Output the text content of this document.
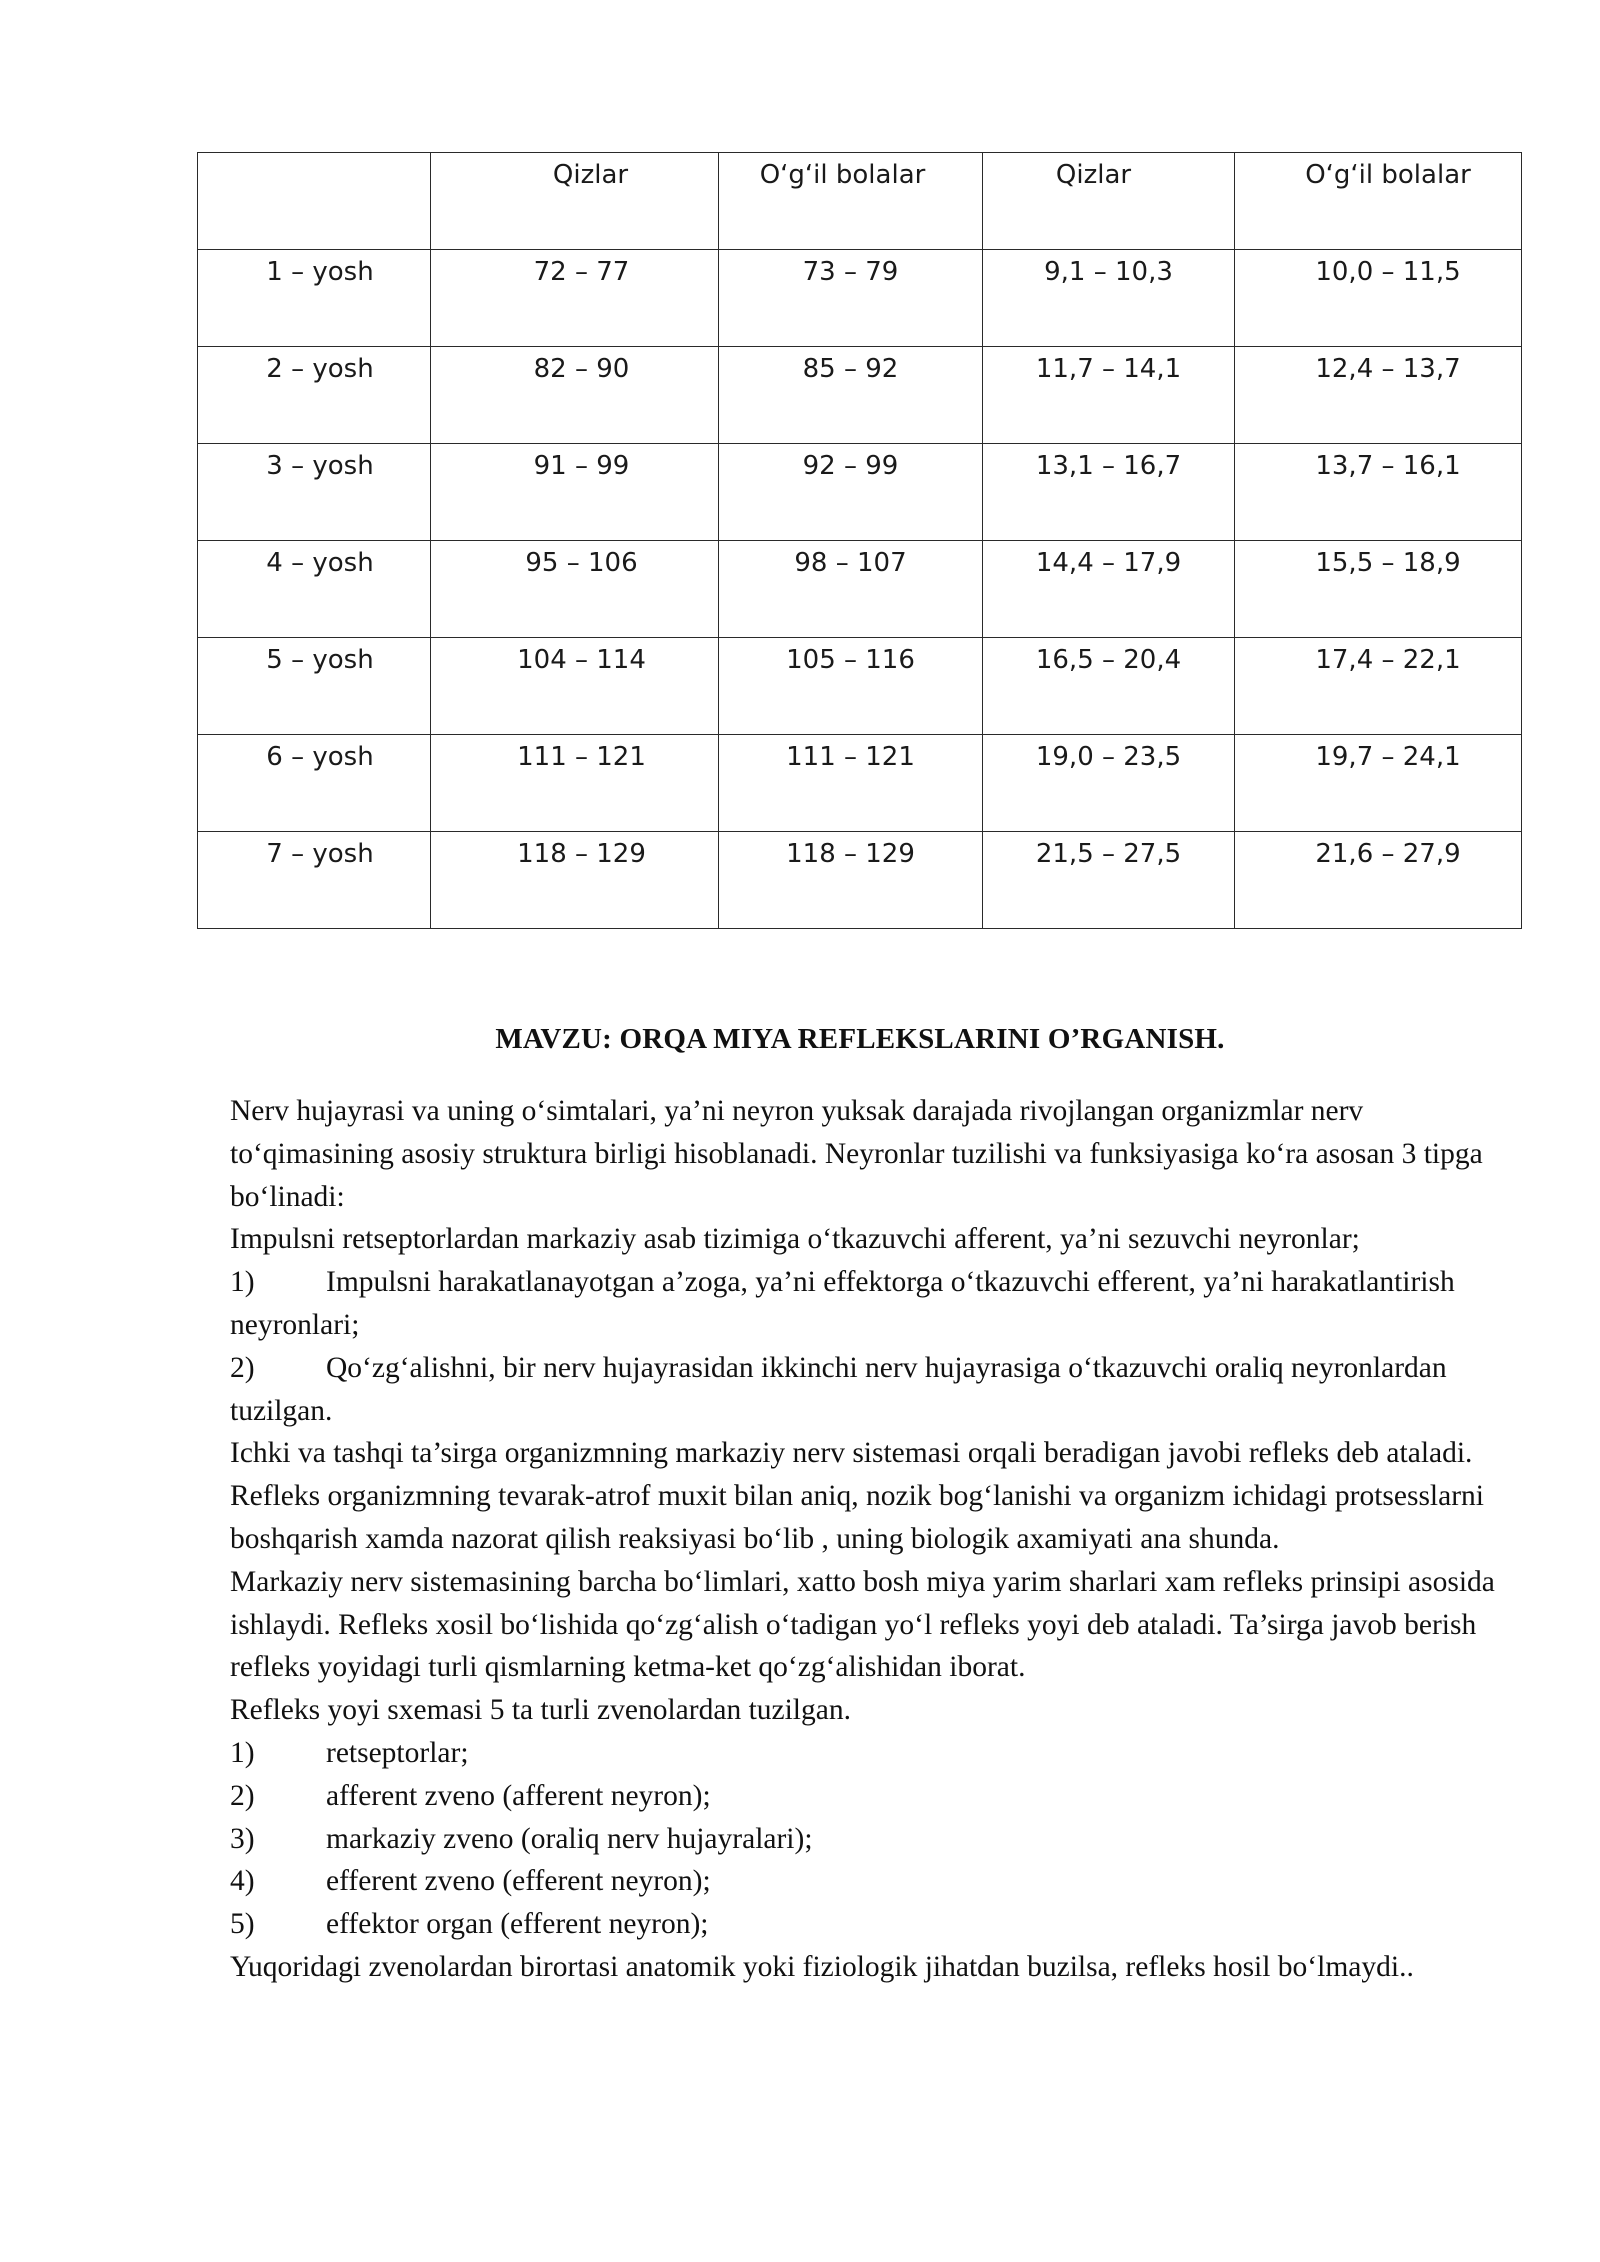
	Qizlar	O‘g‘il bolalar	Qizlar	O‘g‘il bolalar

1 – yosh	72 – 77	73 – 79	9,1 – 10,3	10,0 – 11,5

2 – yosh	82 – 90	85 – 92	11,7 – 14,1	12,4 – 13,7

3 – yosh	91 – 99	92 – 99	13,1 – 16,7	13,7 – 16,1

4 – yosh	95 – 106	98 – 107	14,4 – 17,9	15,5 – 18,9

5 – yosh	104 – 114	105 – 116	16,5 – 20,4	17,4 – 22,1

6 – yosh	111 – 121	111 – 121	19,0 – 23,5	19,7 – 24,1

7 – yosh	118 – 129	118 – 129	21,5 – 27,5	21,6 – 27,9
MAVZU: ORQA MIYA REFLEKSLARINI O’RGANISH.

Nerv hujayrasi va uning oʻsimtalari, ya’ni neyron yuksak darajada rivojlangan organizmlar nerv toʻqimasining asosiy struktura birligi hisoblanadi. Neyronlar tuzilishi va funksiyasiga koʻra asosan 3 tipga boʻlinadi:

Impulsni retseptorlardan markaziy asab tizimiga oʻtkazuvchi afferent, ya’ni sezuvchi neyronlar;

1) Impulsni harakatlanayotgan a’zoga, ya’ni effektorga oʻtkazuvchi efferent, ya’ni harakatlantirish neyronlari;

2) Qoʻzgʻalishni, bir nerv hujayrasidan ikkinchi nerv hujayrasiga oʻtkazuvchi oraliq neyronlardan tuzilgan.

Ichki va tashqi ta’sirga organizmning markaziy nerv sistemasi orqali beradigan javobi refleks deb ataladi. Refleks organizmning tevarak-atrof muxit bilan aniq, nozik bogʻlanishi va organizm ichidagi protsesslarni boshqarish xamda nazorat qilish reaksiyasi boʻlib , uning biologik axamiyati ana shunda.

Markaziy nerv sistemasining barcha boʻlimlari, xatto bosh miya yarim sharlari xam refleks prinsipi asosida ishlaydi. Refleks xosil boʻlishida qoʻzgʻalish oʻtadigan yoʻl refleks yoyi deb ataladi. Ta’sirga javob berish refleks yoyidagi turli qismlarning ketma-ket qoʻzgʻalishidan iborat.

Refleks yoyi sxemasi 5 ta turli zvenolardan tuzilgan.

1) retseptorlar;

2) afferent zveno (afferent neyron);

3) markaziy zveno (oraliq nerv hujayralari);

4) efferent zveno (efferent neyron);

5) effektor organ (efferent neyron);

Yuqoridagi zvenolardan birortasi anatomik yoki fiziologik jihatdan buzilsa, refleks hosil boʻlmaydi..
